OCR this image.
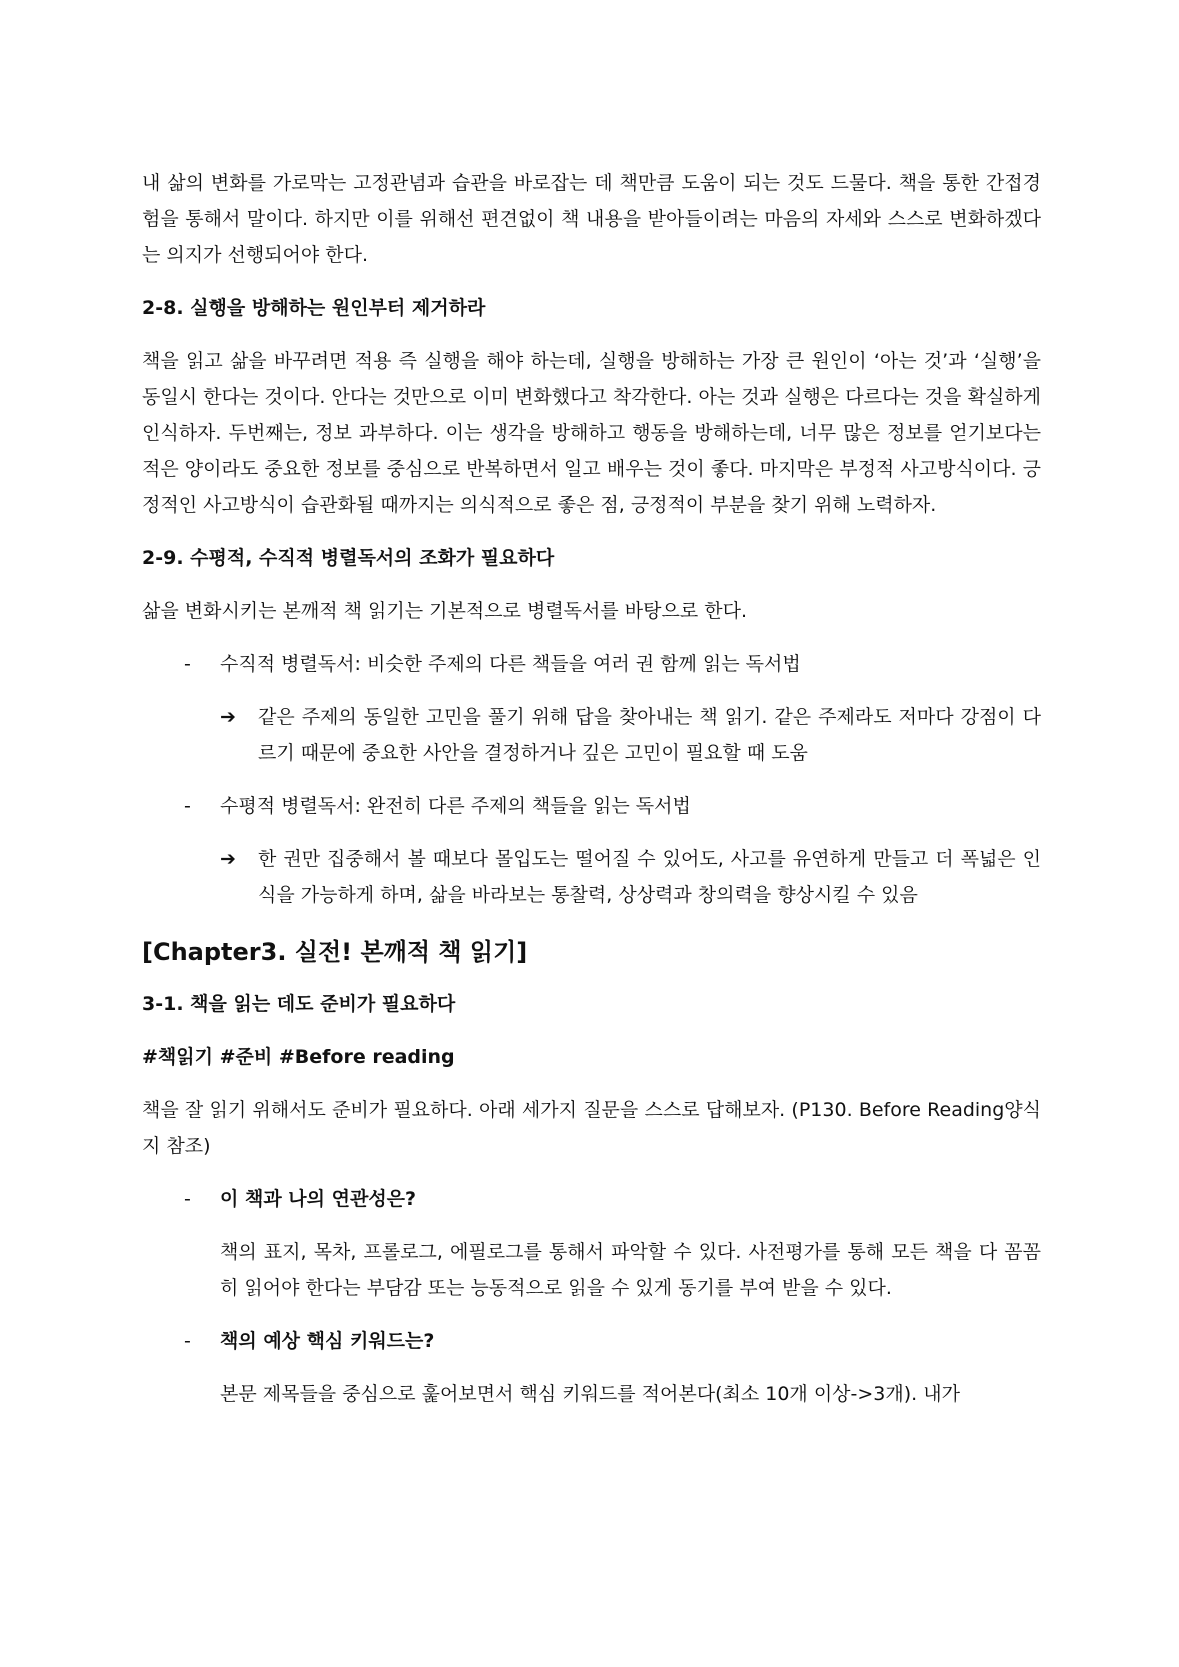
내 삶의 변화를 가로막는 고정관념과 습관을 바로잡는 데 책만큼 도움이 되는 것도 드물다. 책을 통한 간접경험을 통해서 말이다. 하지만 이를 위해선 편견없이 책 내용을 받아들이려는 마음의 자세와 스스로 변화하겠다는 의지가 선행되어야 한다.

2-8. 실행을 방해하는 원인부터 제거하라

책을 읽고 삶을 바꾸려면 적용 즉 실행을 해야 하는데, 실행을 방해하는 가장 큰 원인이 ‘아는 것’과 ‘실행’을 동일시 한다는 것이다. 안다는 것만으로 이미 변화했다고 착각한다. 아는 것과 실행은 다르다는 것을 확실하게 인식하자. 두번째는, 정보 과부하다. 이는 생각을 방해하고 행동을 방해하는데, 너무 많은 정보를 얻기보다는 적은 양이라도 중요한 정보를 중심으로 반복하면서 일고 배우는 것이 좋다. 마지막은 부정적 사고방식이다. 긍정적인 사고방식이 습관화될 때까지는 의식적으로 좋은 점, 긍정적이 부분을 찾기 위해 노력하자.

2-9. 수평적, 수직적 병렬독서의 조화가 필요하다

삶을 변화시키는 본깨적 책 읽기는 기본적으로 병렬독서를 바탕으로 한다.

- 수직적 병렬독서: 비슷한 주제의 다른 책들을 여러 권 함께 읽는 독서법
➔ 같은 주제의 동일한 고민을 풀기 위해 답을 찾아내는 책 읽기. 같은 주제라도 저마다 강점이 다르기 때문에 중요한 사안을 결정하거나 깊은 고민이 필요할 때 도움
- 수평적 병렬독서: 완전히 다른 주제의 책들을 읽는 독서법
➔ 한 권만 집중해서 볼 때보다 몰입도는 떨어질 수 있어도, 사고를 유연하게 만들고 더 폭넓은 인식을 가능하게 하며, 삶을 바라보는 통찰력, 상상력과 창의력을 향상시킬 수 있음

[Chapter3. 실전! 본깨적 책 읽기]

3-1. 책을 읽는 데도 준비가 필요하다

#책읽기 #준비 #Before reading

책을 잘 읽기 위해서도 준비가 필요하다. 아래 세가지 질문을 스스로 답해보자. (P130. Before Reading양식지 참조)

- 이 책과 나의 연관성은?

책의 표지, 목차, 프롤로그, 에필로그를 통해서 파악할 수 있다. 사전평가를 통해 모든 책을 다 꼼꼼히 읽어야 한다는 부담감 또는 능동적으로 읽을 수 있게 동기를 부여 받을 수 있다.

- 책의 예상 핵심 키워드는?

본문 제목들을 중심으로 훑어보면서 핵심 키워드를 적어본다(최소 10개 이상->3개). 내가
